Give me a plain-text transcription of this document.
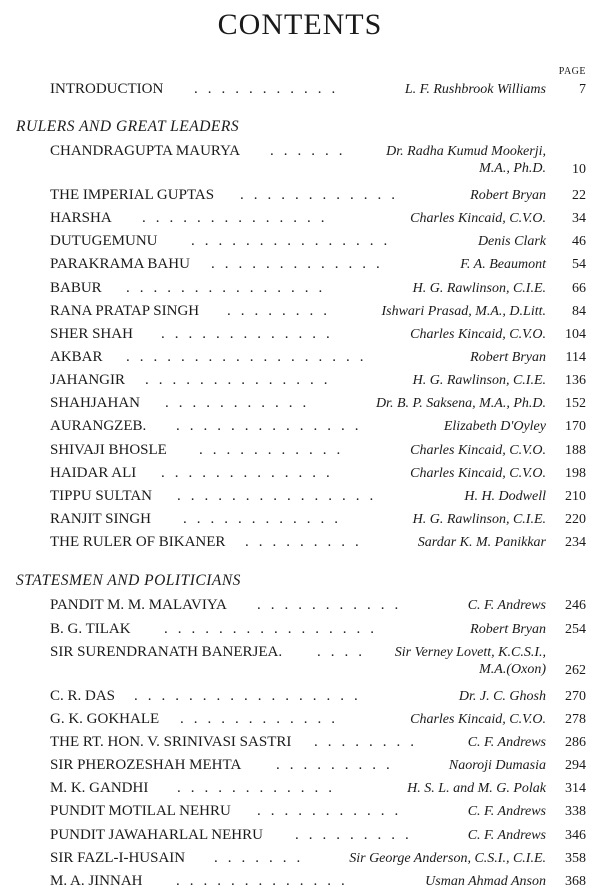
CONTENTS
PAGE
INTRODUCTION	L. F. Rushbrook Williams	7
...........
RULERS AND GREAT LEADERS
CHANDRAGUPTA MAURYA	Dr. Radha Kumud Mookerji,
M.A., Ph.D.	10
......
THE IMPERIAL GUPTAS	Robert Bryan	22
............
HARSHA	Charles Kincaid, C.V.O.	34
..............
DUTUGEMUNU	Denis Clark	46
...............
PARAKRAMA BAHU	F. A. Beaumont	54
.............
BABUR	H. G. Rawlinson, C.I.E.	66
...............
RANA PRATAP SINGH	Ishwari Prasad, M.A., D.Litt.	84
........
SHER SHAH	Charles Kincaid, C.V.O.	104
.............
AKBAR	Robert Bryan	114
..................
JAHANGIR	H. G. Rawlinson, C.I.E.	136
..............
SHAHJAHAN	Dr. B. P. Saksena, M.A., Ph.D.	152
...........
AURANGZEB.	Elizabeth D'Oyley	170
..............
SHIVAJI BHOSLE	Charles Kincaid, C.V.O.	188
...........
HAIDAR ALI	Charles Kincaid, C.V.O.	198
.............
TIPPU SULTAN	H. H. Dodwell	210
...............
RANJIT SINGH	H. G. Rawlinson, C.I.E.	220
............
THE RULER OF BIKANER	Sardar K. M. Panikkar	234
.........
STATESMEN AND POLITICIANS
PANDIT M. M. MALAVIYA	C. F. Andrews	246
...........
B. G. TILAK	Robert Bryan	254
................
SIR SURENDRANATH BANERJEA.	Sir Verney Lovett, K.C.S.I.,
M.A.(Oxon)	262
....
C. R. DAS	Dr. J. C. Ghosh	270
.................
G. K. GOKHALE	Charles Kincaid, C.V.O.	278
............
THE RT. HON. V. SRINIVASI SASTRI	C. F. Andrews	286
........
SIR PHEROZESHAH MEHTA	Naoroji Dumasia	294
.........
M. K. GANDHI	H. S. L. and M. G. Polak	314
............
PUNDIT MOTILAL NEHRU	C. F. Andrews	338
...........
PUNDIT JAWAHARLAL NEHRU	C. F. Andrews	346
.........
SIR FAZL-I-HUSAIN	Sir George Anderson, C.S.I., C.I.E.	358
.......
M. A. JINNAH	Usman Ahmad Anson	368
.............
